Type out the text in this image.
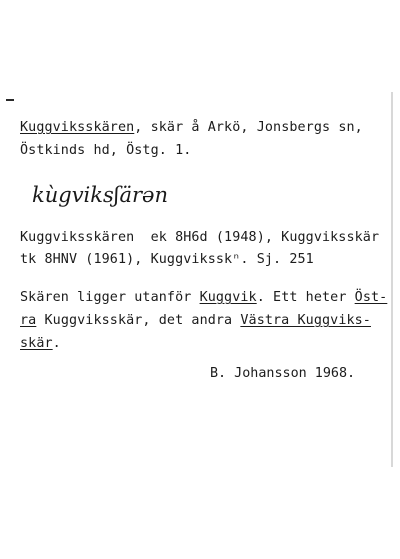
Kuggviksskären, skär å Arkö, Jonsbergs sn,
Östkinds hd, Östg. 1.
kùgviksʃärən
Kuggviksskären  ek 8H6d (1948), Kuggviksskär
tk 8HNV (1961), Kuggviksskⁿ. Sj. 251
Skären ligger utanför Kuggvik. Ett heter Öst-
ra Kuggviksskär, det andra Västra Kuggviks-
skär.
B. Johansson 1968.
